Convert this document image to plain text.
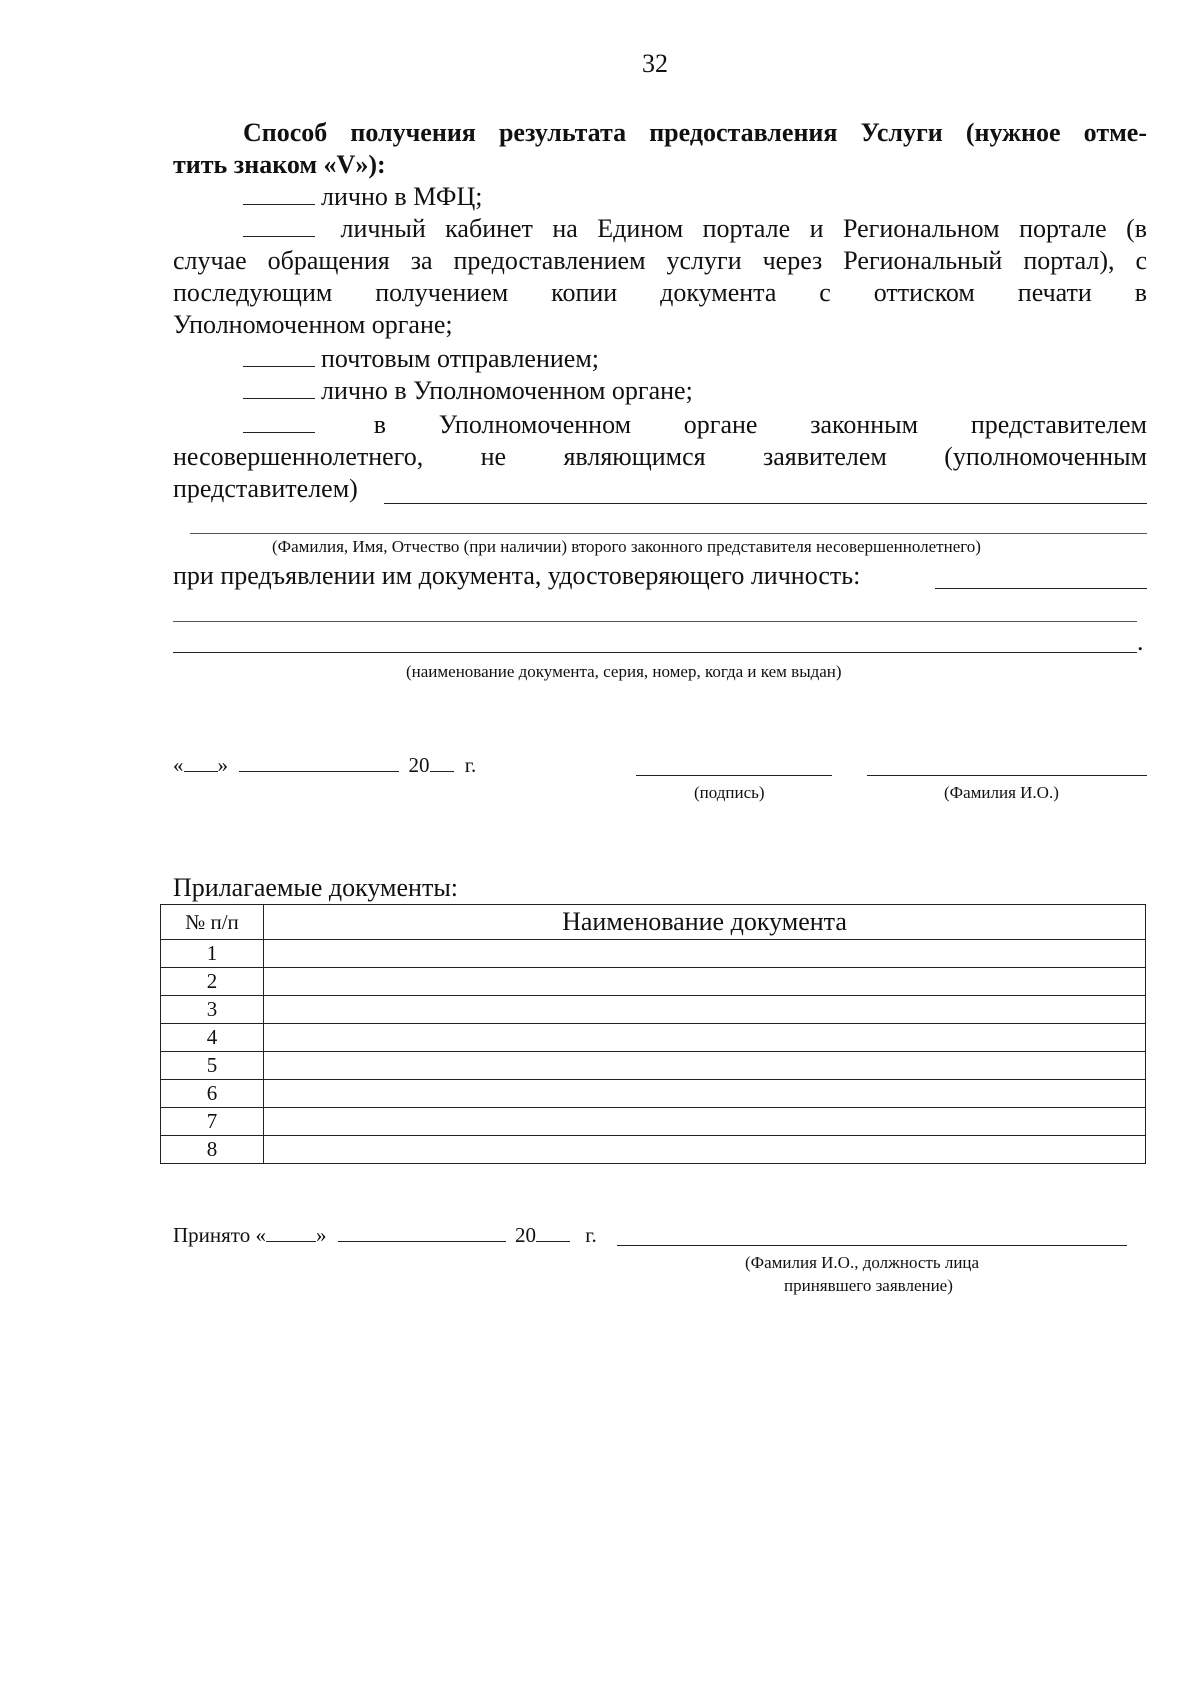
32
Способ получения результата предоставления Услуги (нужное отме-
тить знаком «V»):
лично в МФЦ;
личный кабинет на Едином портале и Региональном портале (в
случае обращения за предоставлением услуги через Региональный портал), с
последующим получением копии документа с оттиском печати в
Уполномоченном органе;
почтовым отправлением;
лично в Уполномоченном органе;
в Уполномоченном органе законным представителем
несовершеннолетнего, не являющимся заявителем (уполномоченным
представителем)
(Фамилия, Имя, Отчество (при наличии) второго законного представителя несовершеннолетнего)
при предъявлении им документа, удостоверяющего личность:
.
(наименование документа, серия, номер, когда и кем выдан)
« »	20 г.
(подпись)	(Фамилия И.О.)
Прилагаемые документы:
№ п/п	Наименование документа
1	
2	
3	
4	
5	
6	
7	
8	
Принято « »	20 г.
(Фамилия И.О., должность лица
принявшего заявление)
